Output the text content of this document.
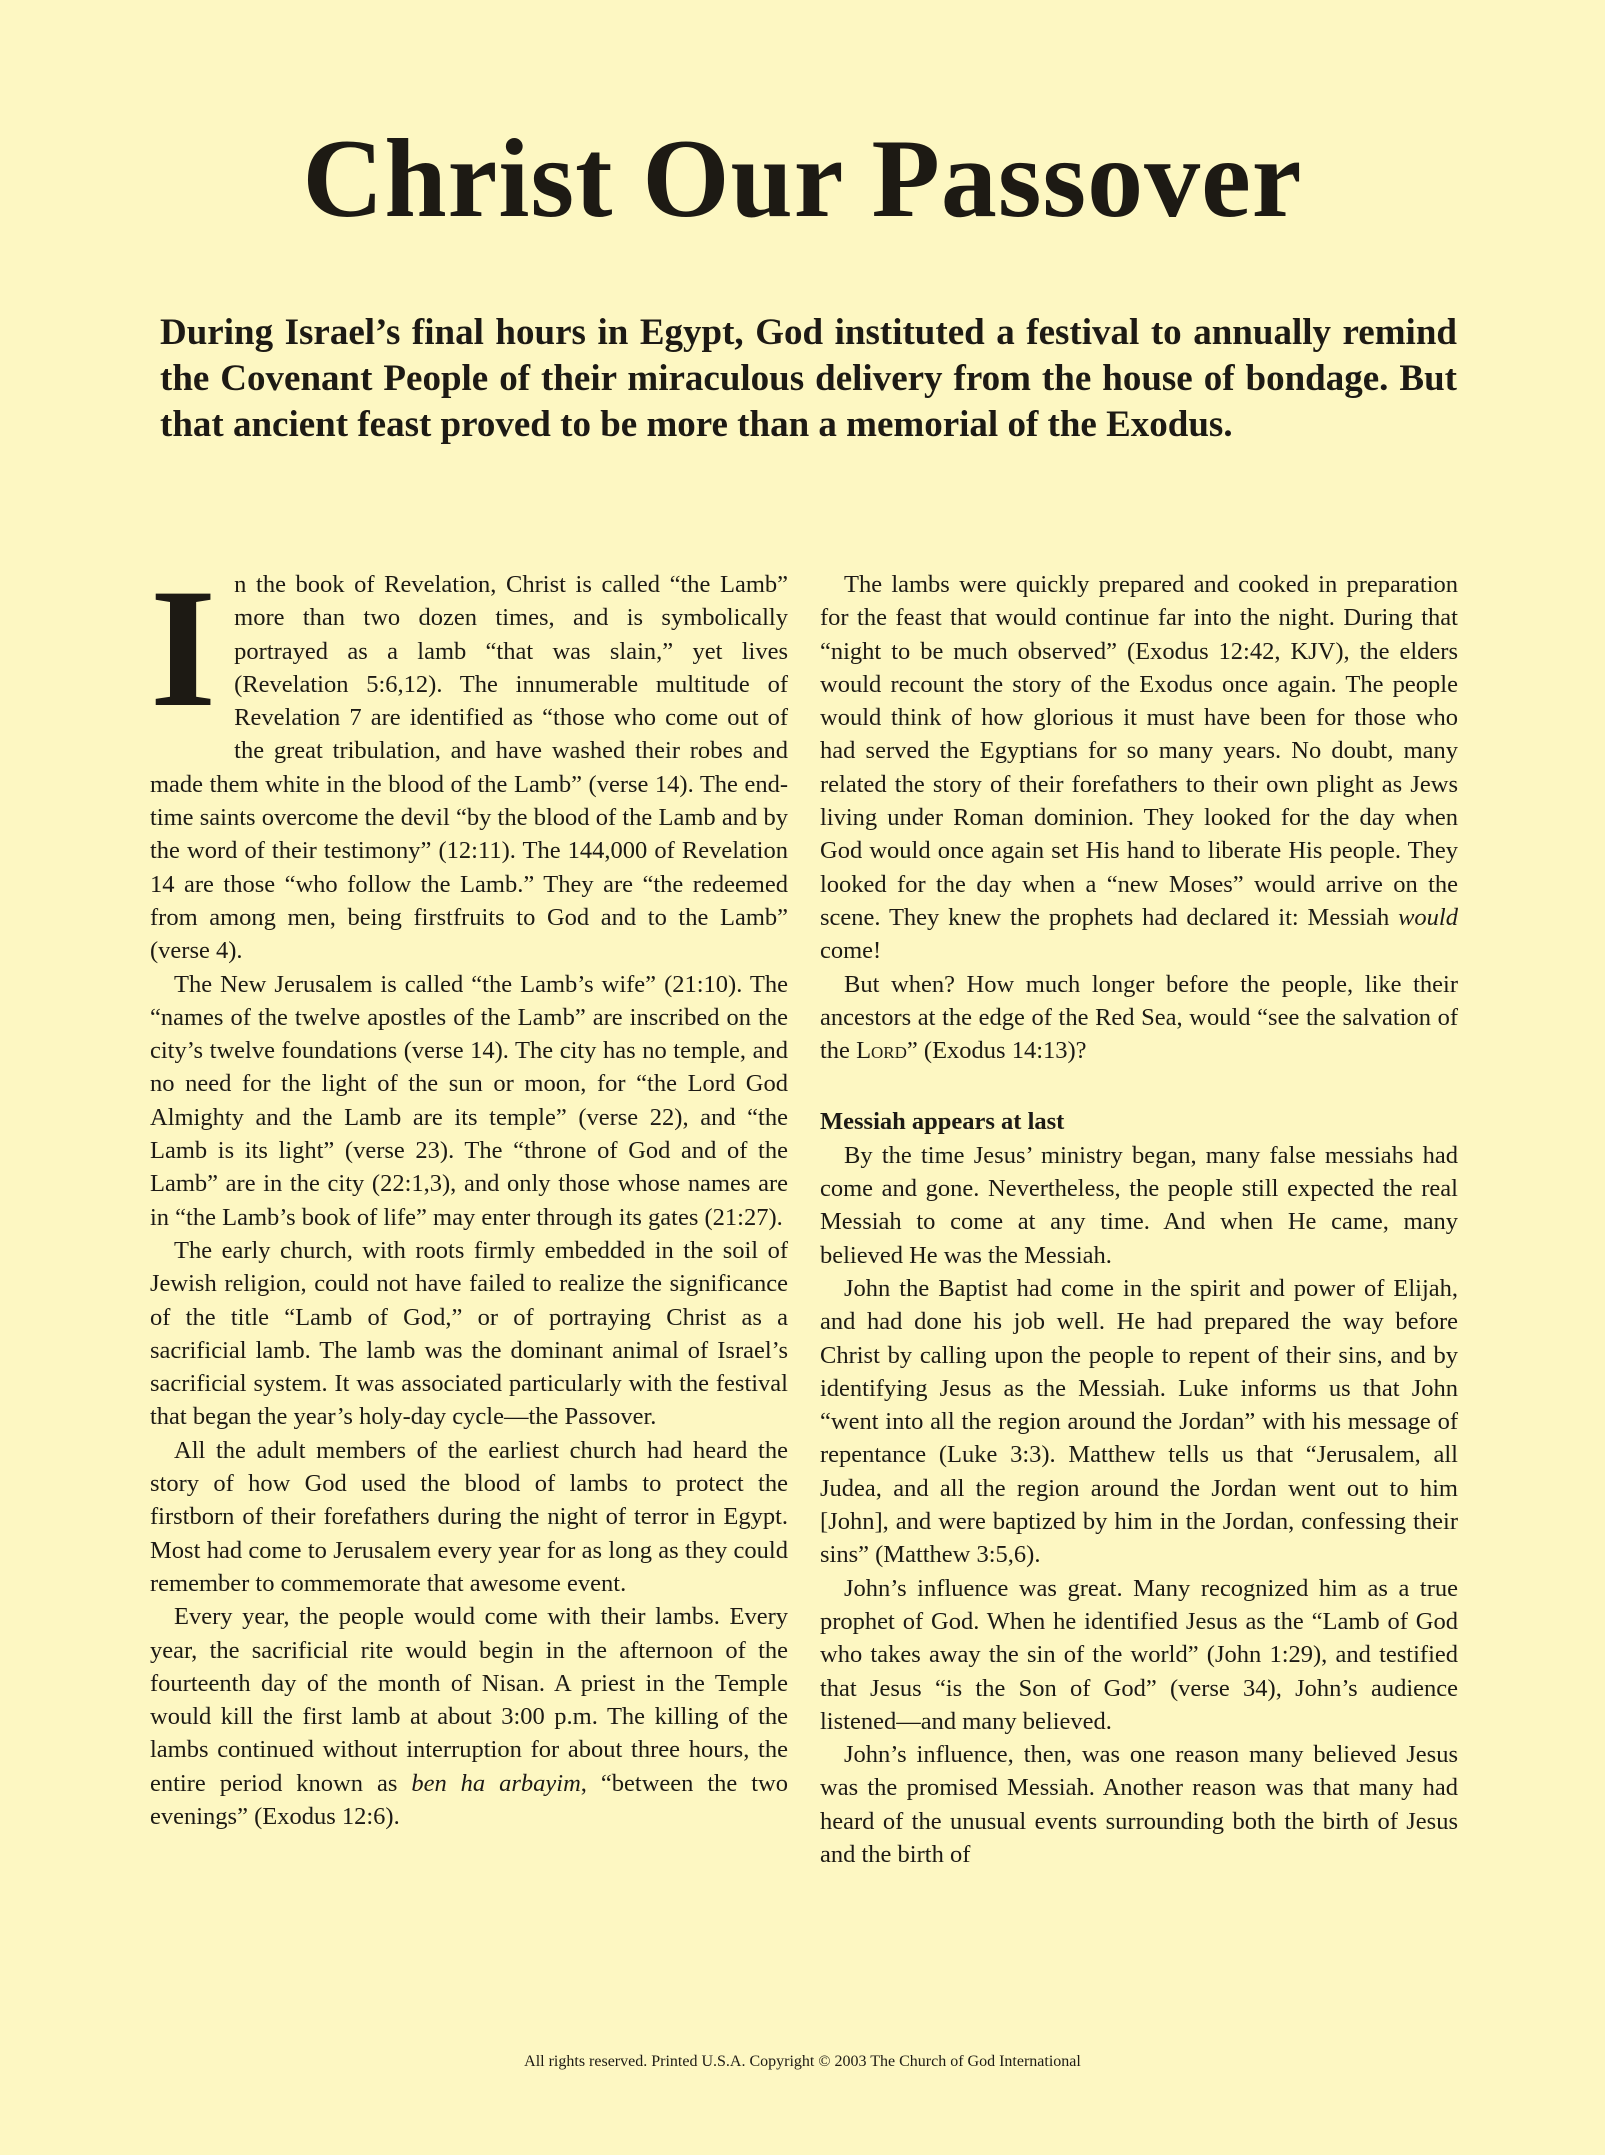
Christ Our Passover

During Israel’s final hours in Egypt, God instituted a festival to annually remind the Covenant People of their miraculous delivery from the house of bondage. But that ancient feast proved to be more than a memorial of the Exodus.

In the book of Revelation, Christ is called “the Lamb” more than two dozen times, and is symbolically portrayed as a lamb “that was slain,” yet lives (Revelation 5:6,12). The innumerable multitude of Revelation 7 are identified as “those who come out of the great tribulation, and have washed their robes and made them white in the blood of the Lamb” (verse 14). The end-time saints overcome the devil “by the blood of the Lamb and by the word of their testimony” (12:11). The 144,000 of Revelation 14 are those “who follow the Lamb.” They are “the redeemed from among men, being firstfruits to God and to the Lamb” (verse 4).

The New Jerusalem is called “the Lamb’s wife” (21:10). The “names of the twelve apostles of the Lamb” are inscribed on the city’s twelve foundations (verse 14). The city has no temple, and no need for the light of the sun or moon, for “the Lord God Almighty and the Lamb are its temple” (verse 22), and “the Lamb is its light” (verse 23). The “throne of God and of the Lamb” are in the city (22:1,3), and only those whose names are in “the Lamb’s book of life” may enter through its gates (21:27).

The early church, with roots firmly embedded in the soil of Jewish religion, could not have failed to realize the significance of the title “Lamb of God,” or of portraying Christ as a sacrificial lamb. The lamb was the dominant animal of Israel’s sacrificial system. It was associated particularly with the festival that began the year’s holy-day cycle—the Passover.

All the adult members of the earliest church had heard the story of how God used the blood of lambs to protect the firstborn of their forefathers during the night of terror in Egypt. Most had come to Jerusalem every year for as long as they could remember to commemorate that awesome event.

Every year, the people would come with their lambs. Every year, the sacrificial rite would begin in the afternoon of the fourteenth day of the month of Nisan. A priest in the Temple would kill the first lamb at about 3:00 p.m. The killing of the lambs continued without interruption for about three hours, the entire period known as ben ha arbayim, “between the two evenings” (Exodus 12:6).

The lambs were quickly prepared and cooked in preparation for the feast that would continue far into the night. During that “night to be much observed” (Exodus 12:42, KJV), the elders would recount the story of the Exodus once again. The people would think of how glorious it must have been for those who had served the Egyptians for so many years. No doubt, many related the story of their forefathers to their own plight as Jews living under Roman dominion. They looked for the day when God would once again set His hand to liberate His people. They looked for the day when a “new Moses” would arrive on the scene. They knew the prophets had declared it: Messiah would come!

But when? How much longer before the people, like their ancestors at the edge of the Red Sea, would “see the salvation of the Lord” (Exodus 14:13)?

Messiah appears at last

By the time Jesus’ ministry began, many false messiahs had come and gone. Nevertheless, the people still expected the real Messiah to come at any time. And when He came, many believed He was the Messiah.

John the Baptist had come in the spirit and power of Elijah, and had done his job well. He had prepared the way before Christ by calling upon the people to repent of their sins, and by identifying Jesus as the Messiah. Luke informs us that John “went into all the region around the Jordan” with his message of repentance (Luke 3:3). Matthew tells us that “Jerusalem, all Judea, and all the region around the Jordan went out to him [John], and were baptized by him in the Jordan, confessing their sins” (Matthew 3:5,6).

John’s influence was great. Many recognized him as a true prophet of God. When he identified Jesus as the “Lamb of God who takes away the sin of the world” (John 1:29), and testified that Jesus “is the Son of God” (verse 34), John’s audience listened—and many believed.

John’s influence, then, was one reason many believed Jesus was the promised Messiah. Another reason was that many had heard of the unusual events surrounding both the birth of Jesus and the birth of

All rights reserved. Printed U.S.A. Copyright © 2003 The Church of God International
